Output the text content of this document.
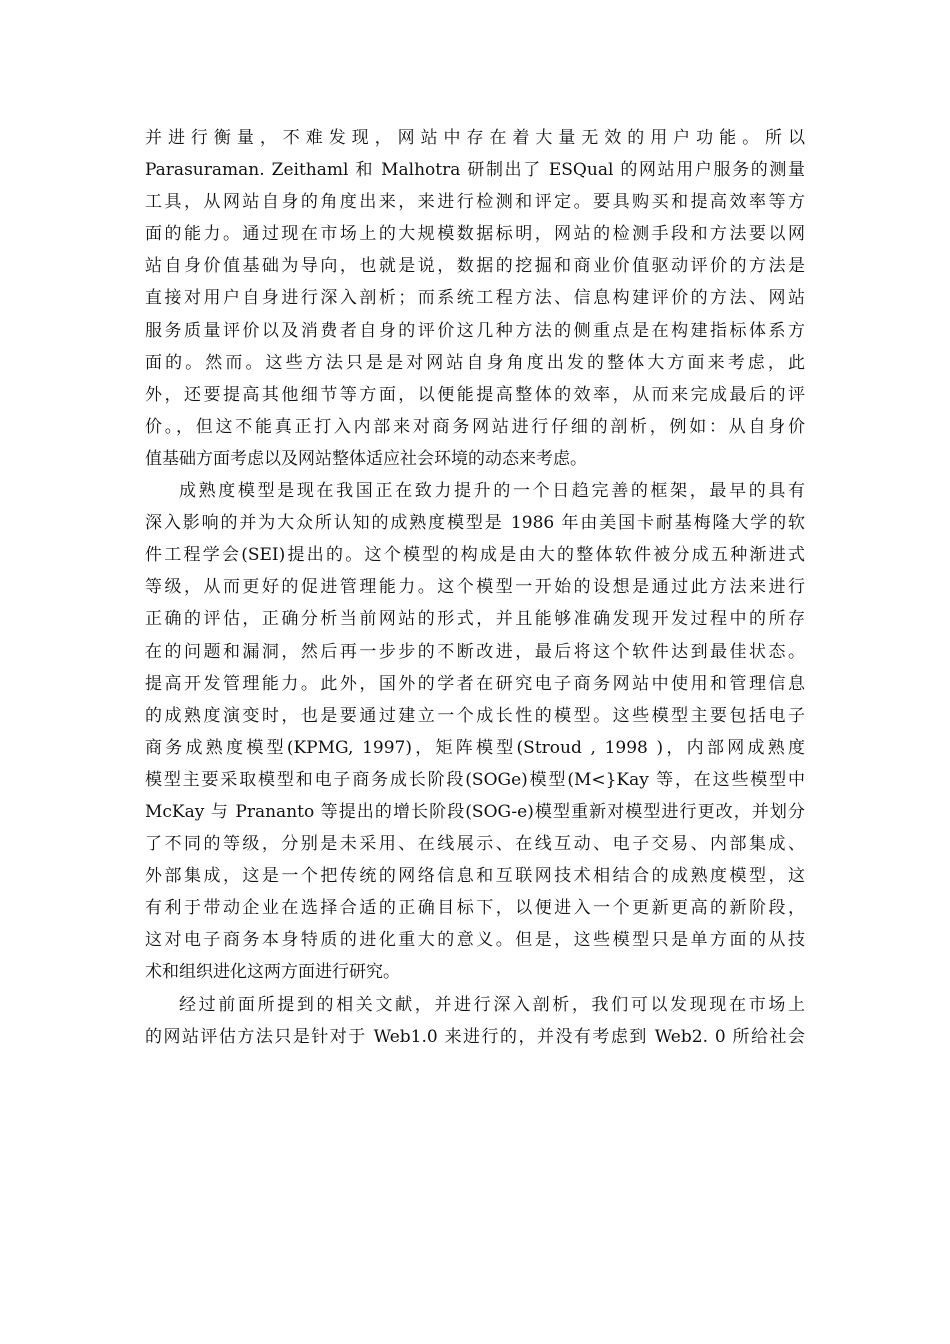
并进行衡量，不难发现，网站中存在着大量无效的用户功能。所以
Parasuraman. Zeithaml 和 Malhotra 研制出了 ESQual 的网站用户服务的测量
工具，从网站自身的角度出来，来进行检测和评定。要具购买和提高效率等方
面的能力。通过现在市场上的大规模数据标明，网站的检测手段和方法要以网
站自身价值基础为导向，也就是说，数据的挖掘和商业价值驱动评价的方法是
直接对用户自身进行深入剖析；而系统工程方法、信息构建评价的方法、网站
服务质量评价以及消费者自身的评价这几种方法的侧重点是在构建指标体系方
面的。然而。这些方法只是是对网站自身角度出发的整体大方面来考虑，此
外，还要提高其他细节等方面，以便能提高整体的效率，从而来完成最后的评
价。，但这不能真正打入内部来对商务网站进行仔细的剖析，例如：从自身价
值基础方面考虑以及网站整体适应社会环境的动态来考虑。
成熟度模型是现在我国正在致力提升的一个日趋完善的框架，最早的具有
深入影响的并为大众所认知的成熟度模型是 1986 年由美国卡耐基梅隆大学的软
件工程学会(SEI)提出的。这个模型的构成是由大的整体软件被分成五种渐进式
等级，从而更好的促进管理能力。这个模型一开始的设想是通过此方法来进行
正确的评估，正确分析当前网站的形式，并且能够准确发现开发过程中的所存
在的问题和漏洞，然后再一步步的不断改进，最后将这个软件达到最佳状态。
提高开发管理能力。此外，国外的学者在研究电子商务网站中使用和管理信息
的成熟度演变时，也是要通过建立一个成长性的模型。这些模型主要包括电子
商务成熟度模型(KPMG, 1997)，矩阵模型(Stroud , 1998 )，内部网成熟度
模型主要采取模型和电子商务成长阶段(SOGe)模型(M<}Kay 等，在这些模型中
McKay 与 Prananto 等提出的增长阶段(SOG-e)模型重新对模型进行更改，并划分
了不同的等级，分别是未采用、在线展示、在线互动、电子交易、内部集成、
外部集成，这是一个把传统的网络信息和互联网技术相结合的成熟度模型，这
有利于带动企业在选择合适的正确目标下，以便进入一个更新更高的新阶段，
这对电子商务本身特质的进化重大的意义。但是，这些模型只是单方面的从技
术和组织进化这两方面进行研究。
经过前面所提到的相关文献，并进行深入剖析，我们可以发现现在市场上
的网站评估方法只是针对于 Web1.0 来进行的，并没有考虑到 Web2. 0 所给社会
